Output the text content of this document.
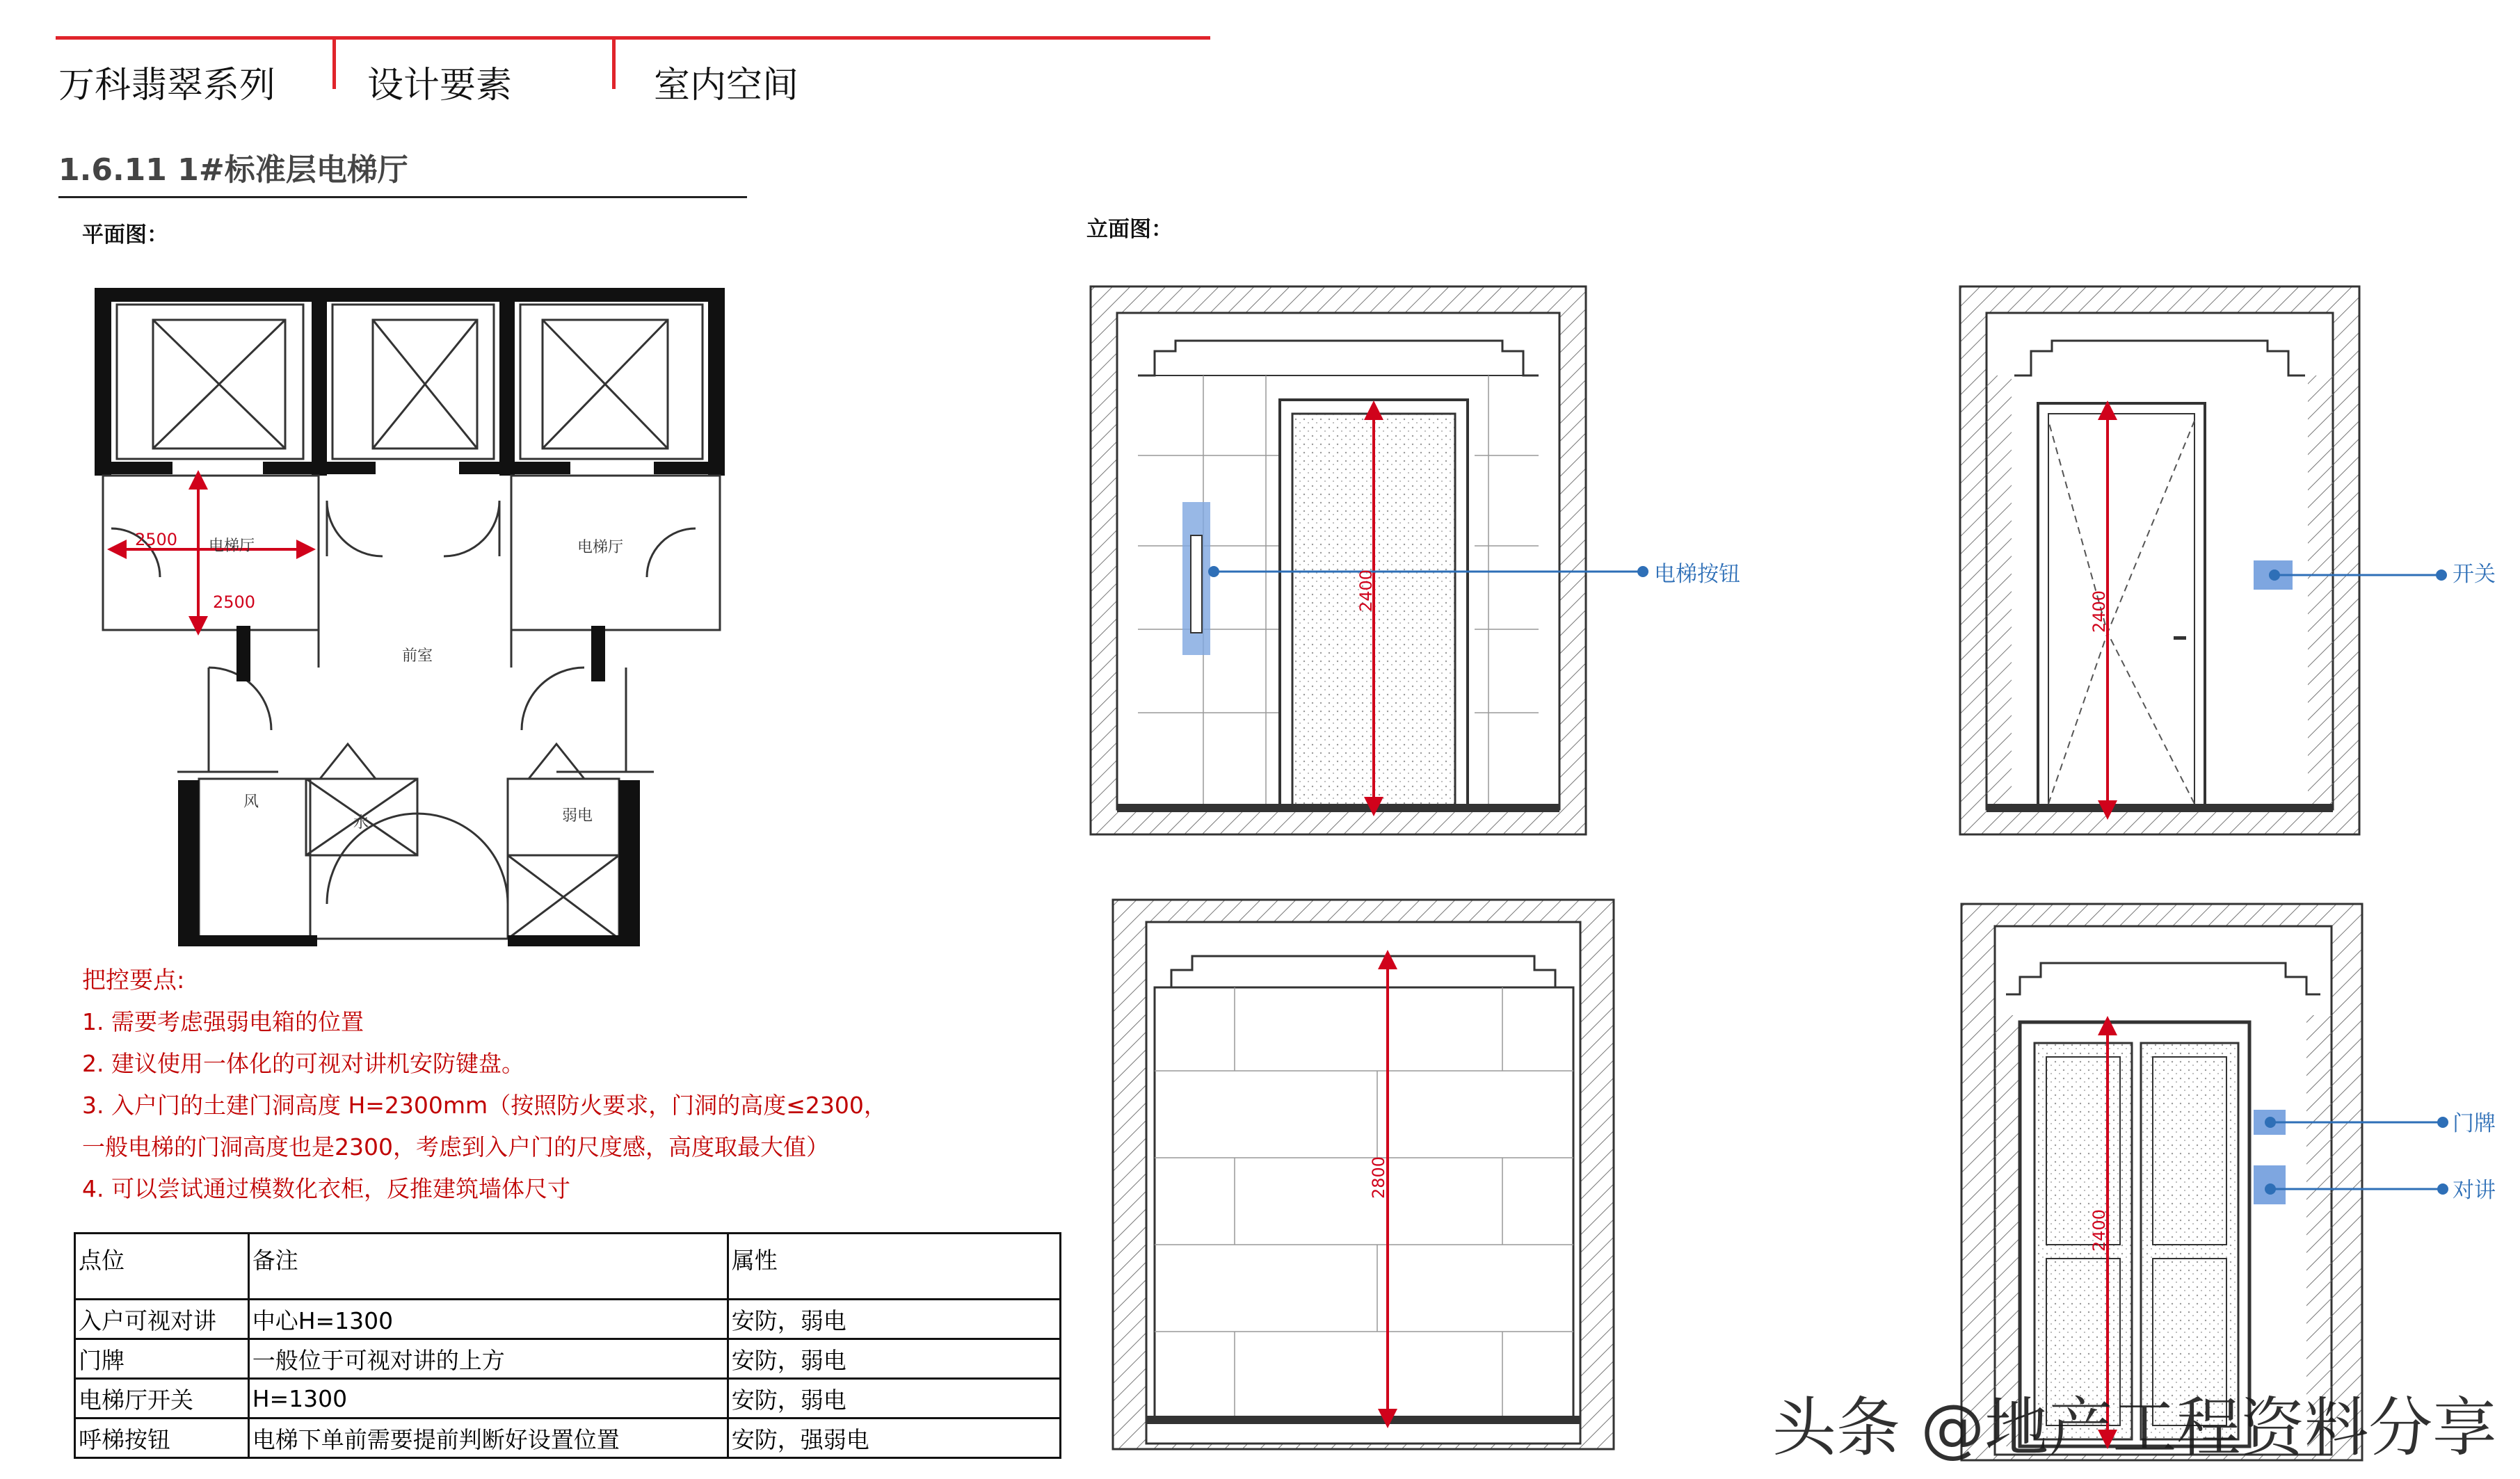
万科翡翠系列	设计要素	室内空间
1.6.11 1#标准层电梯厅
平面图：	立面图：
2500
2500
电梯厅	电梯厅
前室
风
水	弱电
2400	2400
2800
2400
电梯按钮	开关
门牌
对讲
把控要点:
1. 需要考虑强弱电箱的位置
2. 建议使用一体化的可视对讲机安防键盘。
3. 入户门的土建门洞高度 H=2300mm（按照防火要求，门洞的高度≤2300，
一般电梯的门洞高度也是2300，考虑到入户门的尺度感，高度取最大值）
4. 可以尝试通过模数化衣柜，反推建筑墙体尺寸
点位	备注	属性
入户可视对讲	中心H=1300	安防，弱电
门牌	一般位于可视对讲的上方	安防，弱电
电梯厅开关	H=1300	安防，弱电
呼梯按钮	电梯下单前需要提前判断好设置位置	安防，强弱电	头条 @地产工程资料分享
